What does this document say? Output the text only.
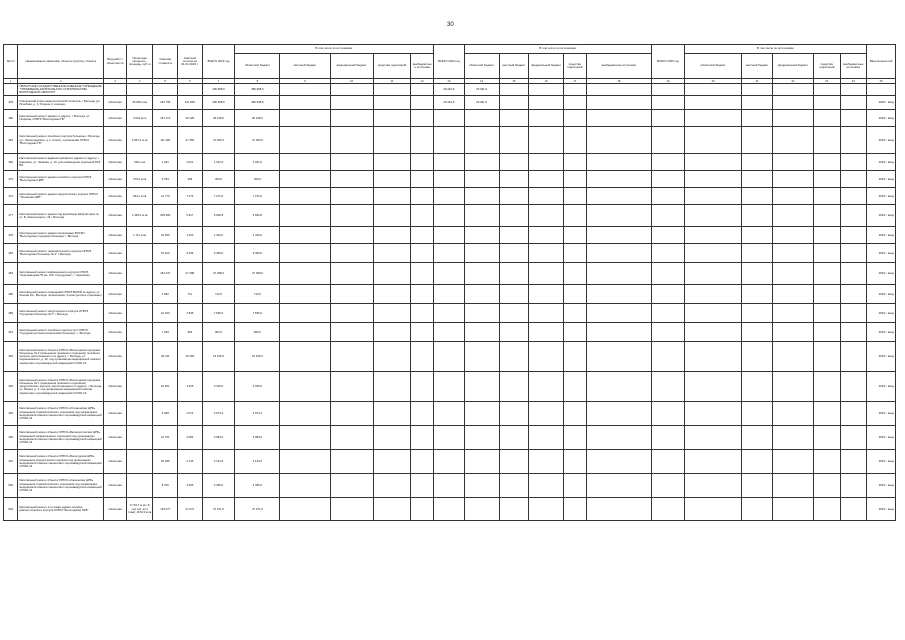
30
№ п/п	Наименование заказчика, объекта (группы), объекта	Вид работ / объектности	Проектная мощность, площадь, куб. м	Сметная стоимость	Сметный остаток на 01.01.2023 г.	ВСЕГО 2023 год	В том числе по источникам:					ВСЕГО 2024 год	В том числе по источникам:					ВСЕГО 2025 год	В том числе по источникам:					Ввод мощностей
							областной бюджет	местный бюджет	федеральный бюджет	средства территорий	внебюджетные источники		областной бюджет	местный бюджет	федеральный бюджет	средства территорий	внебюджетные источники		областной бюджет	местный бюджет	федеральный бюджет	средства территорий	внебюджетные источники	
1	2	3	4	5	6	7	8	9	10	11	12	13	14	15	16	17	18	19	20	21	22	23	24	25
	ОБЛАСТНОЕ ГОСУДАРСТВЕННОЕ КАЗЕННОЕ УЧРЕЖДЕНИЕ "УПРАВЛЕНИЕ КАПИТАЛЬНОГО СТРОИТЕЛЬСТВА ВОЛОГОДСКОЙ ОБЛАСТИ"					496 998,0	486 998,0					29 491,9	29 491,9											
478	Клинический психо-неврологический госпиталь г. Вологды (ул. Лечебная, д. 1, Рощина, 2 очередь)	областная	35 000 м кв	344 795	241 830	496 998,5	486 998,5					29 491,9	29 491,9											2025 г. ввод
480	Капитальный ремонт здания по адресу: г. Вологда, ул. Гагарина, ОГБУЗ "Вологодская ГБ"	областная	3 622 кв м	197 471	36 128	36 128,0	36 128,0																	2023 г. ввод
481	Капитальный ремонт лечебного корпуса больницы г. Вологды (ул. Ленинградская, д. 1, Сокол), поликлиники ОГБУЗ "Вологодская ГБ"	областная	2 897,3 м кв	111 160	47 450	47 450,0	47 450,0																	2023 г. ввод
482	Капитальный ремонт административного здания по адресу: г. Кадников, ул. Чапаева, д. 19, для размещения отделения БУЗ ВО	областная	620 м кв	1 042	1 021	1 021,0	1 021,0																	2023 г. ввод
475	Капитальный ремонт здания лечебного корпуса ОГБУЗ "Вологодская ЦРБ"	областная	279,2 м кв	9 784	309	309,0	309,0																	2023 г. ввод
476	Капитальный ремонт здания хирургического корпуса ОГБУЗ "Тотемская ЦРБ"	областная	534,1 м кв	14 770	7 272	7 272,0	7 272,0																	2023 г. ввод
477	Капитальный ремонт здания под врачебную амбулаторию по ул. Б. Хмельницкого, 42 г. Вологда	областная	4 430,0 м кв	205 982	5 927	5 926,8	5 926,8																	2023 г. ввод
478	Капитальный ремонт здания поликлиники БУЗ ВО "Вологодская городская больница" г. Вологда	областная	1 711 м кв	42 650	1 420	1 420,0	1 420,0																	2023 г. ввод
481	Капитальный ремонт терапевтического корпуса ОГБУЗ "Вологодская больница № 2" г. Вологда	областная		54 429	9 469	9 469,0	9 469,0																	2023 г. ввод
484	Капитальный ремонт инфекционного корпуса ОГБУЗ "Череповецкая ГБ им. Н.В. Солодухина", г. Череповец	областная		162 437	27 398	27 398,0	27 398,0																	2023 г. ввод
486	Капитальный ремонт помещений ОГБУЗ ВОГКБ по адресу ул. Ленина 19 г. Вологда, поликлиника, 4 этаж (детское отделение)	областная		3 660	711	710,5	710,5																	2023 г. ввод
489	Капитальный ремонт хирургического корпуса ОГБУЗ "Городская больница № 2" г. Вологда	областная		10 340	7 845	7 845,0	7 845,0																	2023 г. ввод
491	Капитальный ремонт лечебного корпуса № 2 ОГБУЗ "Городская детская клиническая больница", г. Вологда	областная		1 029	963	962,5	962,5																	2023 г. ввод
492	Капитальный ремонт объекта ОГБУЗ «Вологодская городская больница» № 2 (помещение приемного отделения) лечебного корпуса, расположенного по адресу: г. Вологда, ул. Чернышевского, д. 42, под организацию медицинской помощи пациентам с коронавирусной инфекцией COVID-19	областная		30 411	15 165	15 165,0	15 165,0																	2023 г. ввод
493	Капитальный ремонт объекта ОГБУЗ «Вологодская городская больница» № 1 (помещения приемного отделения) хирургического корпуса, расположенного по адресу: г. Вологда, ул. Яшина, д. 1, под организацию медицинской помощи пациентам с коронавирусной инфекцией COVID-19	областная		10 531	3 325	3 325,0	3 325,0																	2023 г. ввод
494	Капитальный ремонт объекта ОГБУЗ «Устюженская ЦРБ» (помещения терапевтического отделения) под организацию медицинской помощи пациентам с коронавирусной инфекцией COVID-19	областная		6 368	2 074	2 074,4	2 074,4																	2023 г. ввод
495	Капитальный ремонт объекта ОГБУЗ «Великоустюгская ЦРБ» (помещения инфекционного отделения) под организацию медицинской помощи пациентам с коронавирусной инфекцией COVID-19	областная		10 761	3 084	3 084,0	3 084,0																	2023 г. ввод
497	Капитальный ремонт объекта ОГБУЗ «Вологодская ЦРБ» (помещения хирургического корпуса) под организацию медицинской помощи пациентам с коронавирусной инфекцией COVID-19	областная		20 485	2 145	2 144,5	2 144,5																	2023 г. ввод
500	Капитальный ремонт объекта ОГБУЗ «Сокольская ЦРБ» (помещения терапевтического отделения) под организацию медицинской помощи пациентам с коронавирусной инфекцией COVID-19	областная		8 706	4 395	4 395,0	4 395,0																	2023 г. ввод
503	Капитальный ремонт 1-го этажа здания лечебно-диагностического корпуса ОГБУЗ "Вологодская ОКБ"	областная	6 743,7 м кв / 8 тыс куб. м (1 этаж); 1154,3 м кв	126 677	37 072	37 071,5	37 071,5																	2023 г. ввод
